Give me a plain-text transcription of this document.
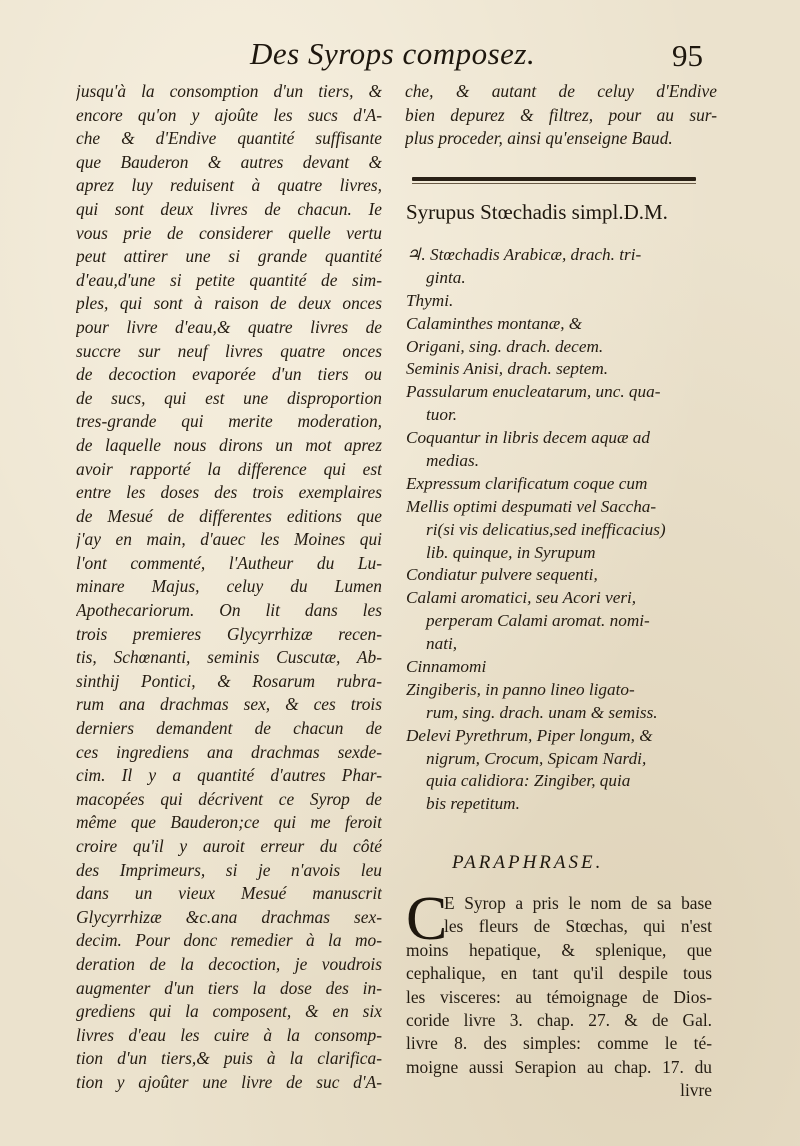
Des Syrops composez.	95
jusqu'à la consomption d'un tiers, &
encore qu'on y ajoûte les sucs d'A-
che & d'Endive quantité suffisante
que Bauderon & autres devant &
aprez luy reduisent à quatre livres,
qui sont deux livres de chacun. Ie
vous prie de considerer quelle vertu
peut attirer une si grande quantité
d'eau,d'une si petite quantité de sim-
ples, qui sont à raison de deux onces
pour livre d'eau,& quatre livres de
succre sur neuf livres quatre onces
de decoction evaporée d'un tiers ou
de sucs, qui est une disproportion
tres-grande qui merite moderation,
de laquelle nous dirons un mot aprez
avoir rapporté la difference qui est
entre les doses des trois exemplaires
de Mesué de differentes editions que
j'ay en main, d'auec les Moines qui
l'ont commenté, l'Autheur du Lu-
minare Majus, celuy du Lumen
Apothecariorum. On lit dans les
trois premieres Glycyrrhizæ recen-
tis, Schœnanti, seminis Cuscutæ, Ab-
sinthij Pontici, & Rosarum rubra-
rum ana drachmas sex, & ces trois
derniers demandent de chacun de
ces ingrediens ana drachmas sexde-
cim. Il y a quantité d'autres Phar-
macopées qui décrivent ce Syrop de
même que Bauderon;ce qui me feroit
croire qu'il y auroit erreur du côté
des Imprimeurs, si je n'avois leu
dans un vieux Mesué manuscrit
Glycyrrhizæ &c.ana drachmas sex-
decim. Pour donc remedier à la mo-
deration de la decoction, je voudrois
augmenter d'un tiers la dose des in-
grediens qui la composent, & en six
livres d'eau les cuire à la consomp-
tion d'un tiers,& puis à la clarifica-
tion y ajoûter une livre de suc d'A-
che, & autant de celuy d'Endive
bien depurez & filtrez, pour au sur-
plus proceder, ainsi qu'enseigne Baud.
Syrupus Stœchadis simpl.D.M.
♃. Stœchadis Arabicæ, drach. tri-
ginta.
Thymi.
Calaminthes montanæ, &
Origani, sing. drach. decem.
Seminis Anisi, drach. septem.
Passularum enucleatarum, unc. qua-
tuor.
Coquantur in libris decem aquæ ad
medias.
Expressum clarificatum coque cum
Mellis optimi despumati vel Saccha-
ri(si vis delicatius,sed inefficacius)
lib. quinque, in Syrupum
Condiatur pulvere sequenti,
Calami aromatici, seu Acori veri,
perperam Calami aromat. nomi-
nati,
Cinnamomi
Zingiberis, in panno lineo ligato-
rum, sing. drach. unam & semiss.
Delevi Pyrethrum, Piper longum, &
nigrum, Crocum, Spicam Nardi,
quia calidiora: Zingiber, quia
bis repetitum.
PARAPHRASE.
C
E Syrop a pris le nom de sa base
les fleurs de Stœchas, qui n'est
moins hepatique, & splenique, que
cephalique, en tant qu'il despile tous
les visceres: au témoignage de Dios-
coride livre 3. chap. 27. & de Gal.
livre 8. des simples: comme le té-
moigne aussi Serapion au chap. 17. du
livre
